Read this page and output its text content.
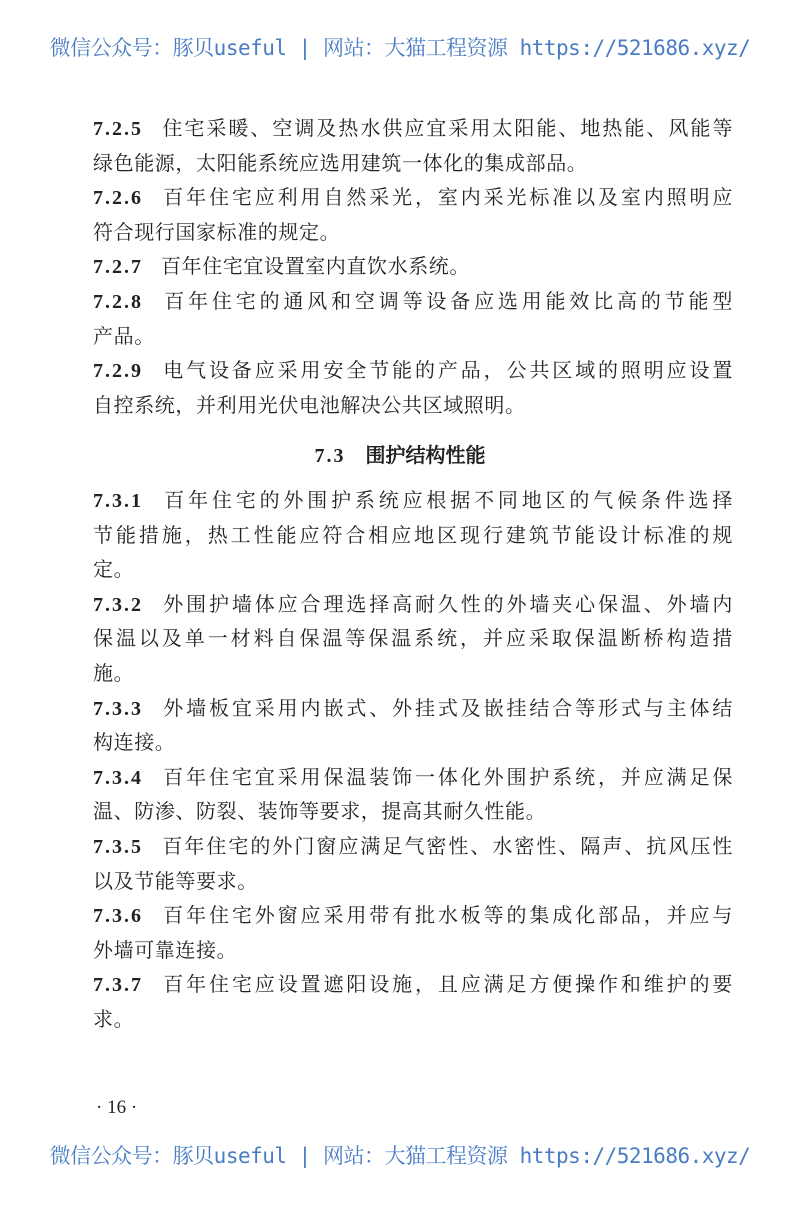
微信公众号：豚贝useful | 网站：大猫工程资源 https://521686.xyz/
7.2.5 住宅采暖、空调及热水供应宜采用太阳能、地热能、风能等
绿色能源，太阳能系统应选用建筑一体化的集成部品。
7.2.6 百年住宅应利用自然采光，室内采光标准以及室内照明应
符合现行国家标准的规定。
7.2.7 百年住宅宜设置室内直饮水系统。
7.2.8 百年住宅的通风和空调等设备应选用能效比高的节能型
产品。
7.2.9 电气设备应采用安全节能的产品，公共区域的照明应设置
自控系统，并利用光伏电池解决公共区域照明。
7.3.1 百年住宅的外围护系统应根据不同地区的气候条件选择
节能措施，热工性能应符合相应地区现行建筑节能设计标准的规
定。
7.3.2 外围护墙体应合理选择高耐久性的外墙夹心保温、外墙内
保温以及单一材料自保温等保温系统，并应采取保温断桥构造措
施。
7.3.3 外墙板宜采用内嵌式、外挂式及嵌挂结合等形式与主体结
构连接。
7.3.4 百年住宅宜采用保温装饰一体化外围护系统，并应满足保
温、防渗、防裂、装饰等要求，提高其耐久性能。
7.3.5 百年住宅的外门窗应满足气密性、水密性、隔声、抗风压性
以及节能等要求。
7.3.6 百年住宅外窗应采用带有批水板等的集成化部品，并应与
外墙可靠连接。
7.3.7 百年住宅应设置遮阳设施，且应满足方便操作和维护的要
求。
7.3 围护结构性能
· 16 ·
微信公众号：豚贝useful | 网站：大猫工程资源 https://521686.xyz/
